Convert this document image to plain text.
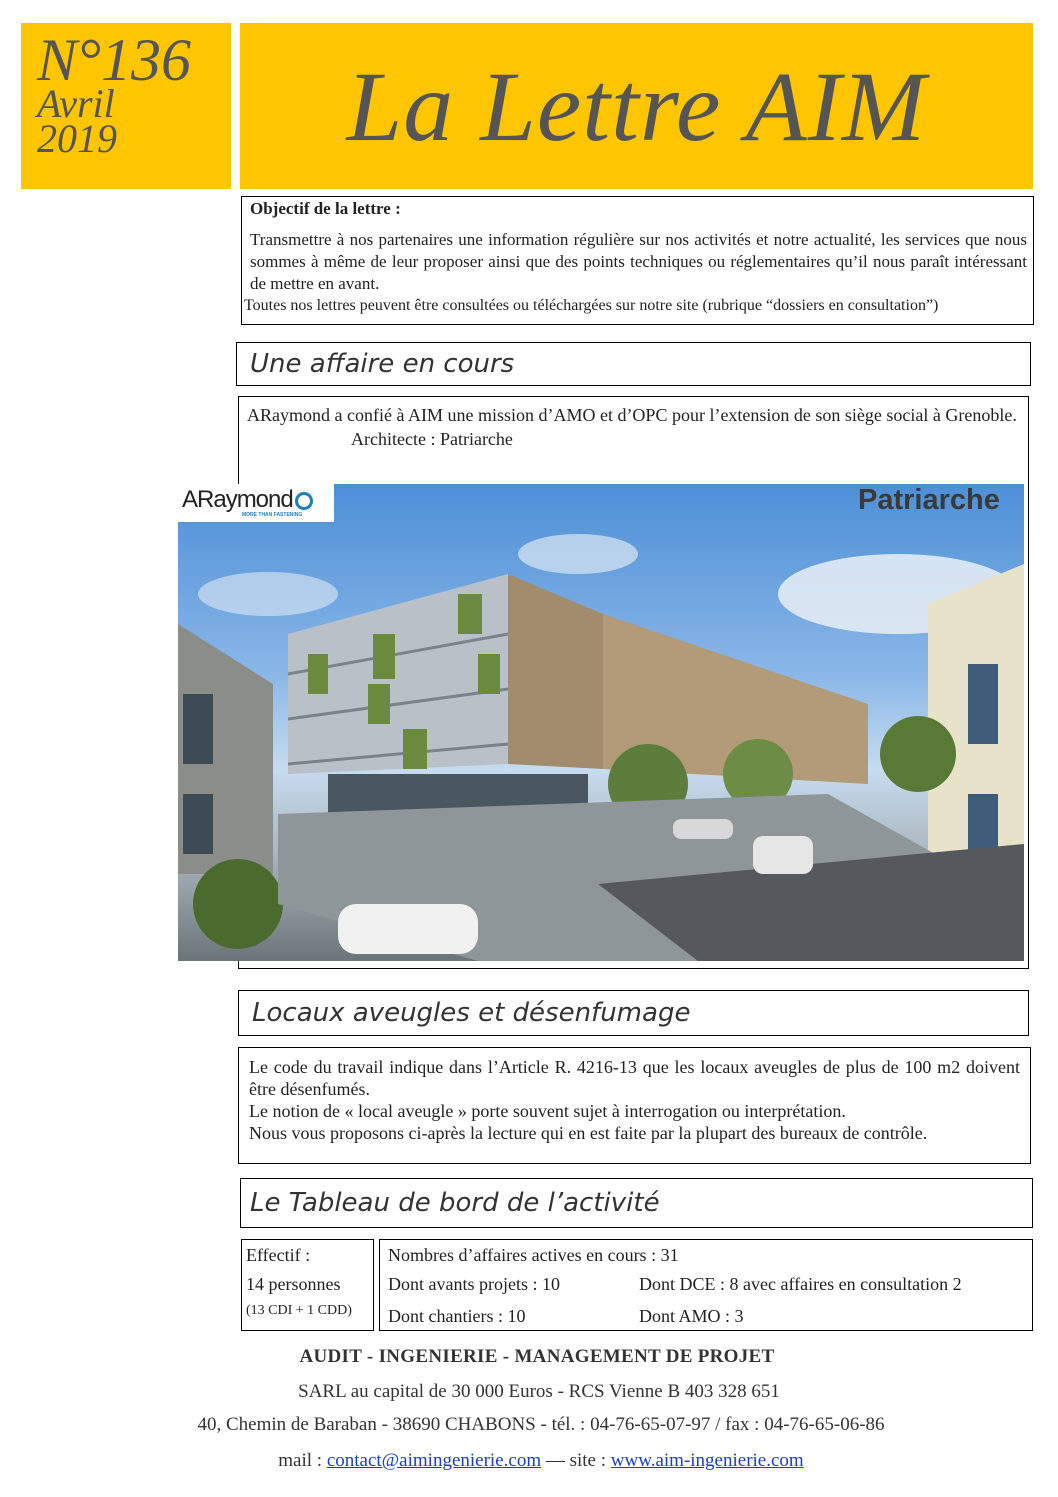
N°136
Avril
2019	La Lettre AIM
Objectif de la lettre :
Transmettre à nos partenaires une information régulière sur nos activités et notre actualité, les services que nous sommes à même de leur proposer ainsi que des points techniques ou réglementaires qu’il nous paraît intéressant de mettre en avant.
Toutes nos lettres peuvent être consultées ou téléchargées sur notre site (rubrique “dossiers en consultation”)
Une affaire en cours
ARaymond a confié à AIM une mission d’AMO et d’OPC pour l’extension de son siège social à Grenoble.
Architecte : Patriarche
ARaymond
MORE THAN FASTENING	Patriarche
Locaux aveugles et désenfumage
Le code du travail indique dans l’Article R. 4216-13 que les locaux aveugles de plus de 100 m2 doivent être désenfumés.
Le notion de « local aveugle » porte souvent sujet à interrogation ou interprétation.
Nous vous proposons ci-après la lecture qui en est faite par la plupart des bureaux de contrôle.
Le Tableau de bord de l’activité
Effectif :
14 personnes
(13 CDI + 1 CDD)
Nombres d’affaires actives en cours : 31
Dont avants projets : 10	Dont DCE : 8 avec affaires en consultation 2
Dont chantiers : 10	Dont AMO : 3
AUDIT - INGENIERIE - MANAGEMENT DE PROJET
SARL au capital de 30 000 Euros - RCS Vienne B 403 328 651
40, Chemin de Baraban - 38690 CHABONS - tél. : 04-76-65-07-97 / fax : 04-76-65-06-86
mail : contact@aimingenierie.com — site : www.aim-ingenierie.com
